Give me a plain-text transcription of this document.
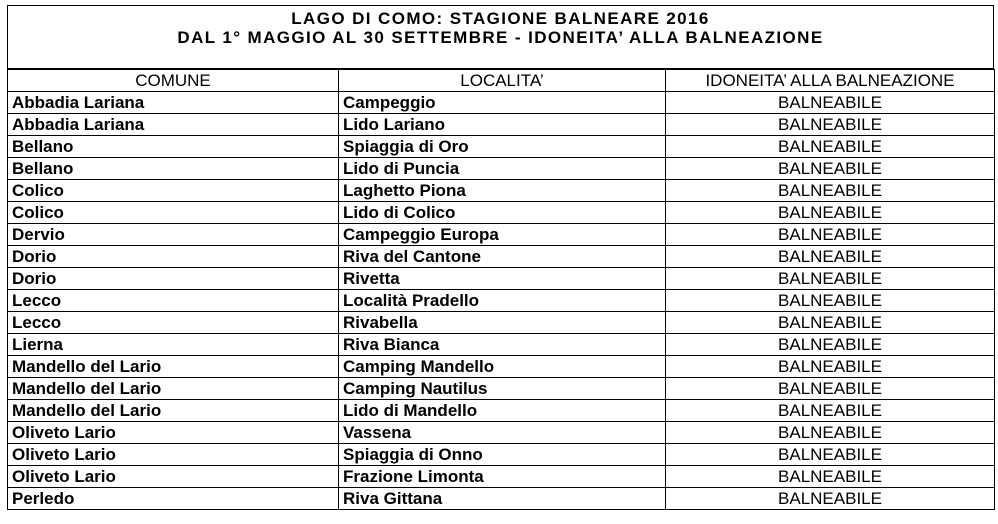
LAGO DI COMO: STAGIONE BALNEARE 2016
DAL 1° MAGGIO AL 30 SETTEMBRE - IDONEITA’ ALLA BALNEAZIONE
COMUNE	LOCALITA’	IDONEITA’ ALLA BALNEAZIONE
Abbadia Lariana	Campeggio	BALNEABILE
Abbadia Lariana	Lido Lariano	BALNEABILE
Bellano	Spiaggia di Oro	BALNEABILE
Bellano	Lido di Puncia	BALNEABILE
Colico	Laghetto Piona	BALNEABILE
Colico	Lido di Colico	BALNEABILE
Dervio	Campeggio Europa	BALNEABILE
Dorio	Riva del Cantone	BALNEABILE
Dorio	Rivetta	BALNEABILE
Lecco	Località Pradello	BALNEABILE
Lecco	Rivabella	BALNEABILE
Lierna	Riva Bianca	BALNEABILE
Mandello del Lario	Camping Mandello	BALNEABILE
Mandello del Lario	Camping Nautilus	BALNEABILE
Mandello del Lario	Lido di Mandello	BALNEABILE
Oliveto Lario	Vassena	BALNEABILE
Oliveto Lario	Spiaggia di Onno	BALNEABILE
Oliveto Lario	Frazione Limonta	BALNEABILE
Perledo	Riva Gittana	BALNEABILE
